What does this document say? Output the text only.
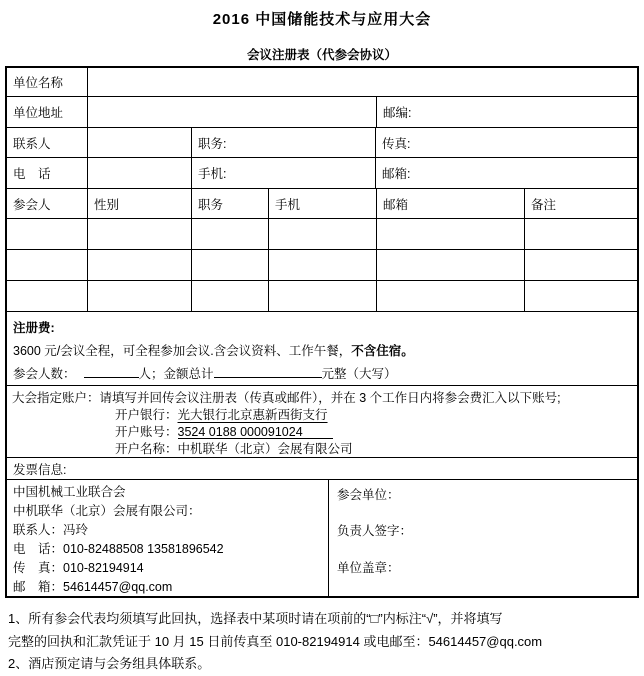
2016 中国储能技术与应用大会
会议注册表（代参会协议）
单位名称
单位地址	邮编:
联系人	职务:	传真:
电　话	手机:	邮箱:
参会人	性别	职务	手机	邮箱	备注
注册费:
3600 元/会议全程，可全程参加会议.含会议资料、工作午餐，不含住宿。
参会人数：	人；金额总计	元整（大写）
大会指定账户：请填写并回传会议注册表（传真或邮件），并在 3 个工作日内将参会费汇入以下账号;
开户银行：光大银行北京惠新西街支行
开户账号：3524 0188 000091024
开户名称：中机联华（北京）会展有限公司
发票信息:
中国机械工业联合会
中机联华（北京）会展有限公司：
联系人：冯玲
电　话：010-82488508 13581896542
传　真：010-82194914
邮　箱：54614457@qq.com
参会单位：
负责人签字：
单位盖章：
1、所有参会代表均须填写此回执，选择表中某项时请在项前的“□”内标注“√”，并将填写
完整的回执和汇款凭证于 10 月 15 日前传真至 010-82194914 或电邮至：54614457@qq.com
2、酒店预定请与会务组具体联系。
